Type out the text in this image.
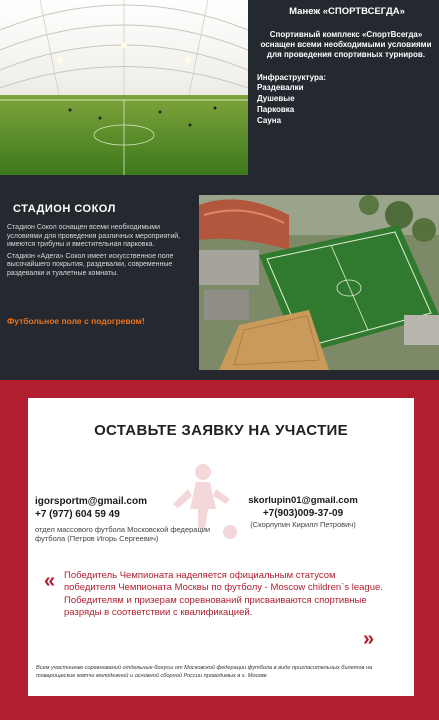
Манеж «СПОРТВСЕГДА»
Спортивный комплекс «СпортВсегда» оснащен всеми необходимыми условиями для проведения спортивных турниров.
Инфраструктура:
Раздевалки
Душевые
Парковка
Сауна
СТАДИОН СОКОЛ

Стадион Сокол оснащен всеми необходимыми условиями для проведения различных мероприятий, имеются трибуны и вместительная парковка.

Стадион «Адега» Сокол имеет искусственное поле высочайшего покрытия, раздевалки, современные раздевалки и туалетные комнаты.

Футбольное поле с подогревом!
ОСТАВЬТЕ ЗАЯВКУ НА УЧАСТИЕ
igorsportm@gmail.com
+7 (977) 604 59 49
отдел массового футбола Московской федерации футбола (Петров Игорь Сергеевич)
skorlupin01@gmail.com
+7(903)009-37-09
(Скорлупин Кирилл Петрович)
« Победитель Чемпионата наделяется официальным статусом победителя Чемпионата Москвы по футболу - Moscow children`s league. Победителям и призерам соревнований присваиваются спортивные разряды в соответствии с квалификацией.
»
Всем участникам соревнований отдельные бонусы от Московской федерации футбола в виде пригласительных билетов на товарищеские матчи молодежной и основной сборной России проводимых в г. Москве
